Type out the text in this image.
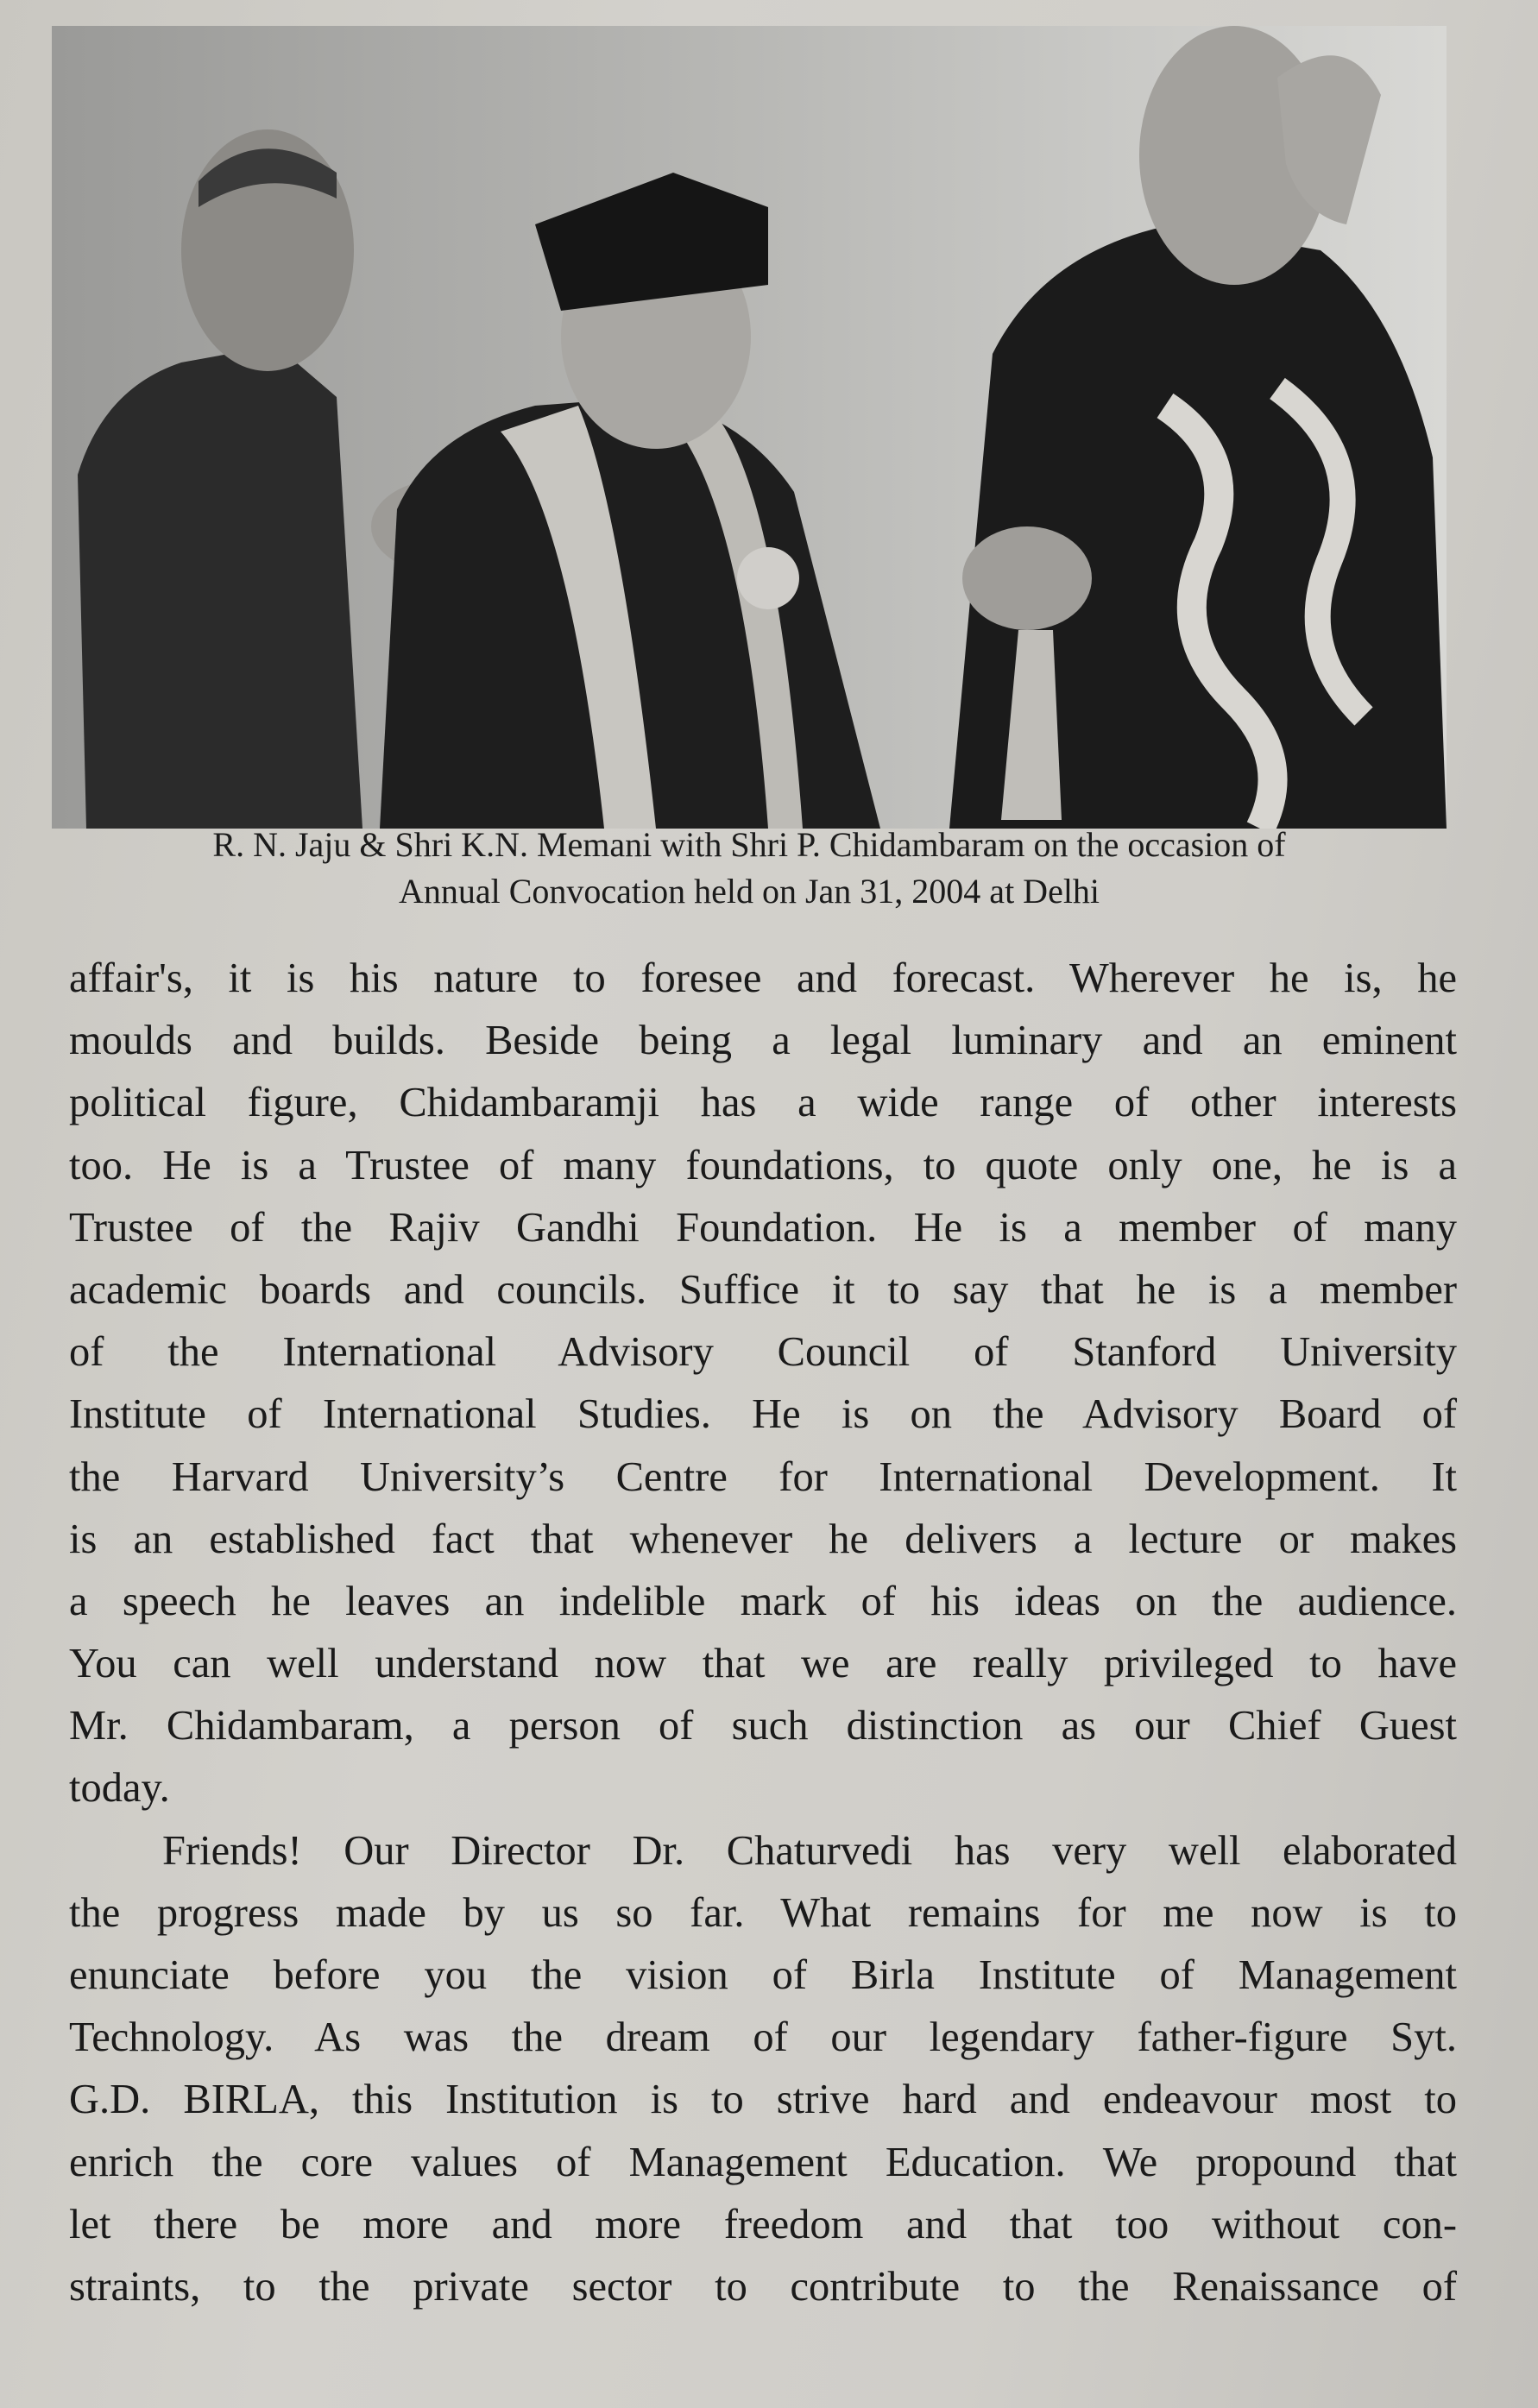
R. N. Jaju & Shri K.N. Memani with Shri P. Chidambaram on the occasion of
Annual Convocation held on Jan 31, 2004 at Delhi
affair's, it is his nature to foresee and forecast. Wherever he is, he
moulds and builds. Beside being a legal luminary and an eminent
political figure, Chidambaramji has a wide range of other interests
too. He is a Trustee of many foundations, to quote only one, he is a
Trustee of the Rajiv Gandhi Foundation. He is a member of many
academic boards and councils. Suffice it to say that he is a member
of the International Advisory Council of Stanford University
Institute of International Studies. He is on the Advisory Board of
the Harvard University’s Centre for International Development. It
is an established fact that whenever he delivers a lecture or makes
a speech he leaves an indelible mark of his ideas on the audience.
You can well understand now that we are really privileged to have
Mr. Chidambaram, a person of such distinction as our Chief Guest
today.
Friends! Our Director Dr. Chaturvedi has very well elaborated
the progress made by us so far. What remains for me now is to
enunciate before you the vision of Birla Institute of Management
Technology. As was the dream of our legendary father-figure Syt.
G.D. BIRLA, this Institution is to strive hard and endeavour most to
enrich the core values of Management Education. We propound that
let there be more and more freedom and that too without con-
straints, to the private sector to contribute to the Renaissance of
